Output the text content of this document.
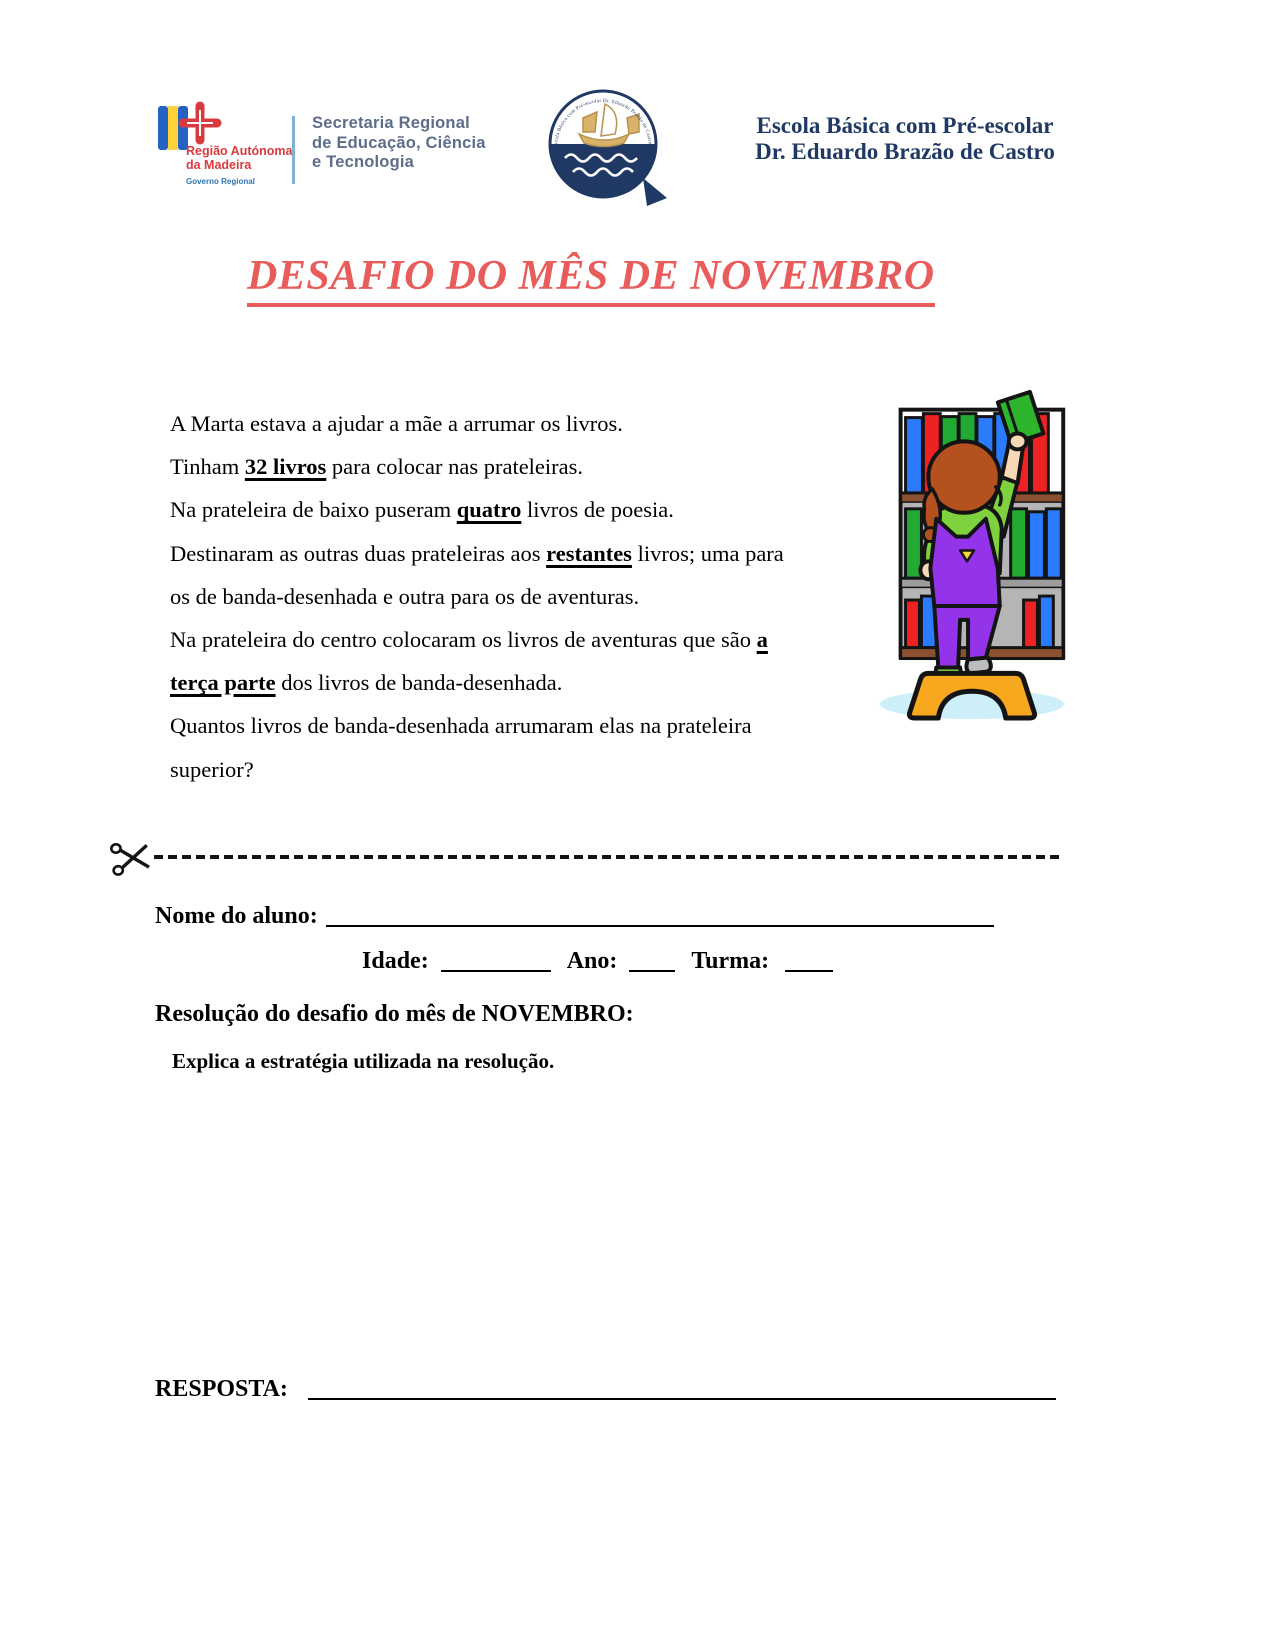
Região Autónoma
da Madeira
Governo Regional
Secretaria Regional
de Educação, Ciência
e Tecnologia
Escola Básica com Pré-escolar Dr. Eduardo Brazão de Castro
Escola Básica com Pré-escolar
Dr. Eduardo Brazão de Castro
DESAFIO DO MÊS DE NOVEMBRO
A Marta estava a ajudar a mãe a arrumar os livros.
Tinham 32 livros para colocar nas prateleiras.
Na prateleira de baixo puseram quatro livros de poesia.
Destinaram as outras duas prateleiras aos restantes livros; uma para
os de banda-desenhada e outra para os de aventuras.
Na prateleira do centro colocaram os livros de aventuras que são a
terça parte dos livros de banda-desenhada.
Quantos livros de banda-desenhada arrumaram elas na prateleira
superior?
Nome do aluno:
Idade:	Ano:	Turma:
Resolução do desafio do mês de NOVEMBRO:
Explica a estratégia utilizada na resolução.
RESPOSTA:
